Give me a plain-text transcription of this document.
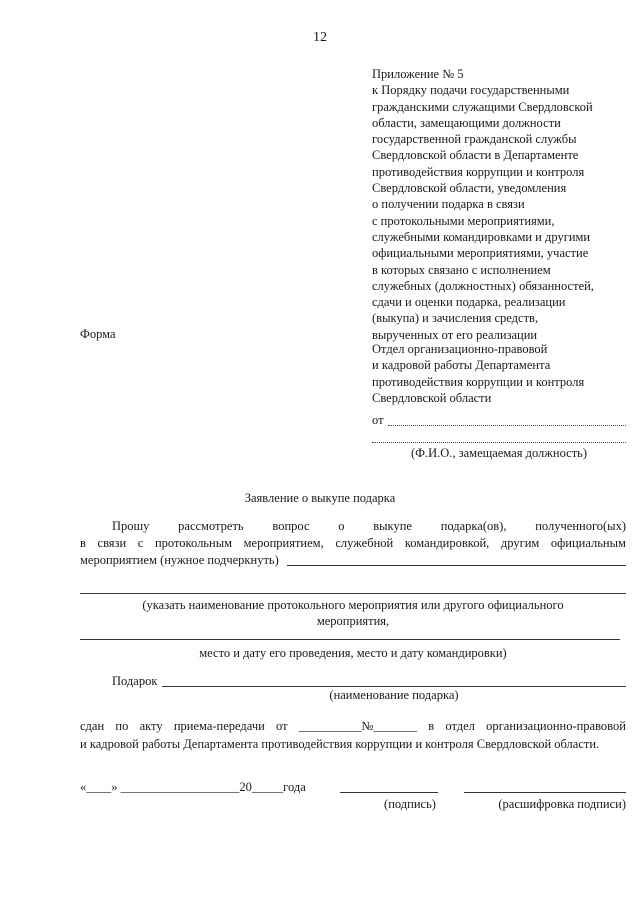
12
Приложение № 5
к Порядку подачи государственными
гражданскими служащими Свердловской
области, замещающими должности
государственной гражданской службы
Свердловской области в Департаменте
противодействия коррупции и контроля
Свердловской области, уведомления
о получении подарка в связи
с протокольными мероприятиями,
служебными командировками и другими
официальными мероприятиями, участие
в которых связано с исполнением
служебных (должностных) обязанностей,
сдачи и оценки подарка, реализации
(выкупа) и зачисления средств,
вырученных от его реализации
Форма
Отдел организационно-правовой
и кадровой работы Департамента
противодействия коррупции и контроля
Свердловской области
от
(Ф.И.О., замещаемая должность)
Заявление о выкупе подарка
Прошу рассмотреть вопрос о выкупе подарка(ов), полученного(ых)
в связи с протокольным мероприятием, служебной командировкой, другим официальным
мероприятием (нужное подчеркнуть)
(указать наименование протокольного мероприятия или другого официального
мероприятия,
место и дату его проведения, место и дату командировки)
Подарок
(наименование подарка)
сдан по акту приема-передачи от __________№_______ в отдел организационно-правовой
и кадровой работы Департамента противодействия коррупции и контроля Свердловской области.
«____» ___________________20_____года
(подпись)	(расшифровка подписи)
